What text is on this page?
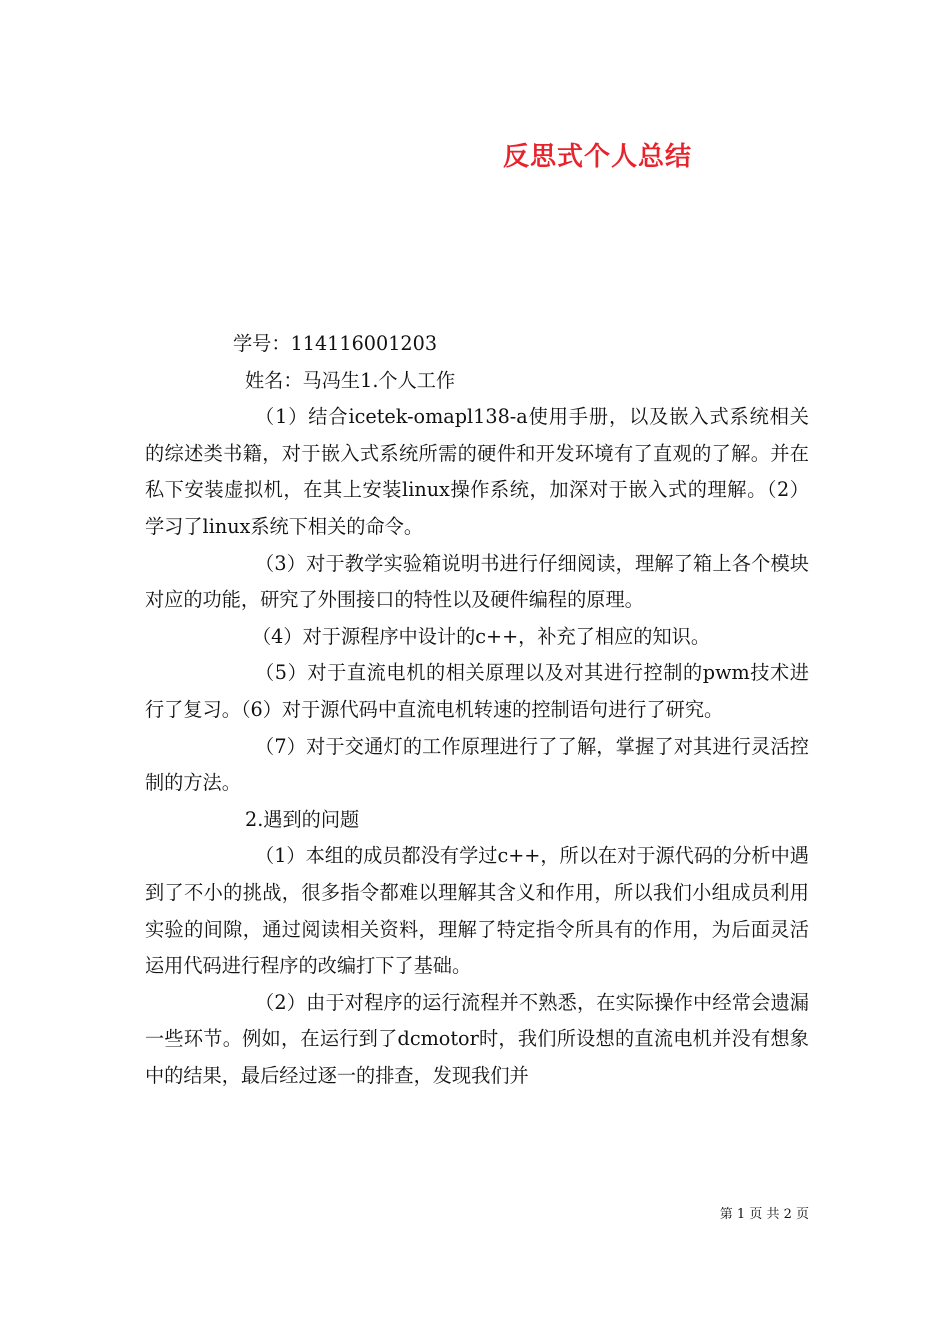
反思式个人总结

学号：114116001203

姓名：马冯生1.个人工作

（1）结合icetek-omapl138-a使用手册，以及嵌入式系统相关的综述类书籍，对于嵌入式系统所需的硬件和开发环境有了直观的了解。并在私下安装虚拟机，在其上安装linux操作系统，加深对于嵌入式的理解。（2）学习了linux系统下相关的命令。

（3）对于教学实验箱说明书进行仔细阅读，理解了箱上各个模块对应的功能，研究了外围接口的特性以及硬件编程的原理。

（4）对于源程序中设计的c++，补充了相应的知识。

（5）对于直流电机的相关原理以及对其进行控制的pwm技术进行了复习。（6）对于源代码中直流电机转速的控制语句进行了研究。

（7）对于交通灯的工作原理进行了了解，掌握了对其进行灵活控制的方法。

2.遇到的问题

（1）本组的成员都没有学过c++，所以在对于源代码的分析中遇到了不小的挑战，很多指令都难以理解其含义和作用，所以我们小组成员利用实验的间隙，通过阅读相关资料，理解了特定指令所具有的作用，为后面灵活运用代码进行程序的改编打下了基础。

（2）由于对程序的运行流程并不熟悉，在实际操作中经常会遗漏一些环节。例如，在运行到了dcmotor时，我们所设想的直流电机并没有想象中的结果，最后经过逐一的排查，发现我们并

第 1 页 共 2 页
